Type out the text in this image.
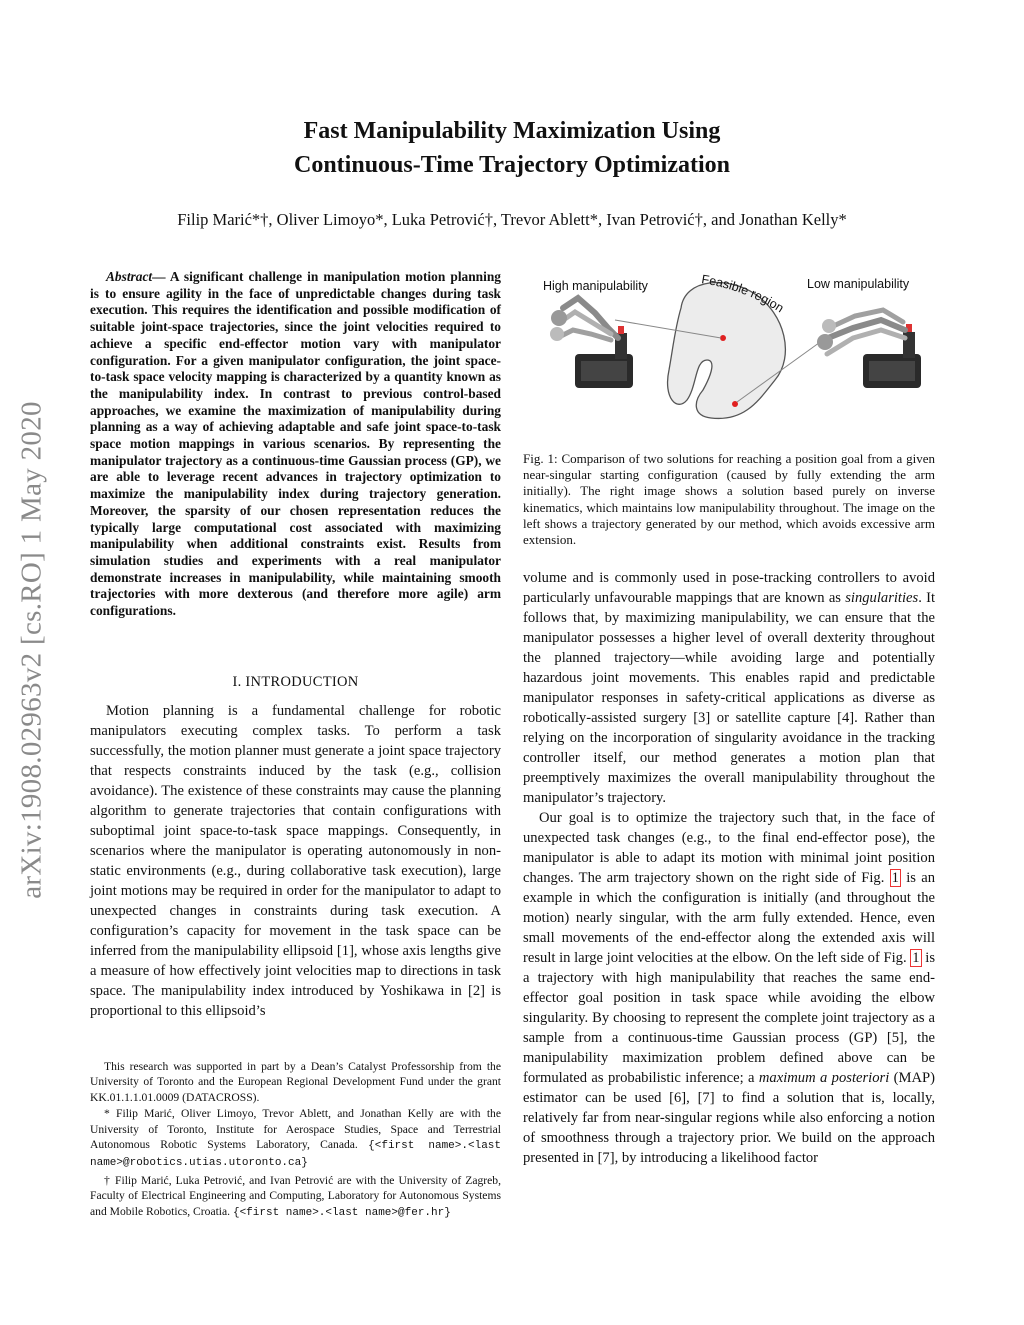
arXiv:1908.02963v2 [cs.RO] 1 May 2020
Fast Manipulability Maximization Using
Continuous-Time Trajectory Optimization
Filip Marić*†, Oliver Limoyo*, Luka Petrović†, Trevor Ablett*, Ivan Petrović†, and Jonathan Kelly*
Abstract— A significant challenge in manipulation motion planning is to ensure agility in the face of unpredictable changes during task execution. This requires the identification and possible modification of suitable joint-space trajectories, since the joint velocities required to achieve a specific end-effector motion vary with manipulator configuration. For a given manipulator configuration, the joint space-to-task space velocity mapping is characterized by a quantity known as the manipulability index. In contrast to previous control-based approaches, we examine the maximization of manipulability during planning as a way of achieving adaptable and safe joint space-to-task space motion mappings in various scenarios. By representing the manipulator trajectory as a continuous-time Gaussian process (GP), we are able to leverage recent advances in trajectory optimization to maximize the manipulability index during trajectory generation. Moreover, the sparsity of our chosen representation reduces the typically large computational cost associated with maximizing manipulability when additional constraints exist. Results from simulation studies and experiments with a real manipulator demonstrate increases in manipulability, while maintaining smooth trajectories with more dexterous (and therefore more agile) arm configurations.
I. INTRODUCTION

Motion planning is a fundamental challenge for robotic manipulators executing complex tasks. To perform a task successfully, the motion planner must generate a joint space trajectory that respects constraints induced by the task (e.g., collision avoidance). The existence of these constraints may cause the planning algorithm to generate trajectories that contain configurations with suboptimal joint space-to-task space mappings. Consequently, in scenarios where the manipulator is operating autonomously in non-static environments (e.g., during collaborative task execution), large joint motions may be required in order for the manipulator to adapt to unexpected changes in constraints during task execution. A configuration’s capacity for movement in the task space can be inferred from the manipulability ellipsoid [1], whose axis lengths give a measure of how effectively joint velocities map to directions in task space. The manipulability index introduced by Yoshikawa in [2] is proportional to this ellipsoid’s

This research was supported in part by a Dean’s Catalyst Professorship from the University of Toronto and the European Regional Development Fund under the grant KK.01.1.1.01.0009 (DATACROSS).

* Filip Marić, Oliver Limoyo, Trevor Ablett, and Jonathan Kelly are with the University of Toronto, Institute for Aerospace Studies, Space and Terrestrial Autonomous Robotic Systems Laboratory, Canada. {<first name>.<last name>@robotics.utias.utoronto.ca}

† Filip Marić, Luka Petrović, and Ivan Petrović are with the University of Zagreb, Faculty of Electrical Engineering and Computing, Laboratory for Autonomous Systems and Mobile Robotics, Croatia. {<first name>.<last name>@fer.hr}

High manipulability	Low manipulability
Feasible region
Fig. 1: Comparison of two solutions for reaching a position goal from a given near-singular starting configuration (caused by fully extending the arm initially). The right image shows a solution based purely on inverse kinematics, which maintains low manipulability throughout. The image on the left shows a trajectory generated by our method, which avoids excessive arm extension.

volume and is commonly used in pose-tracking controllers to avoid particularly unfavourable mappings that are known as singularities. It follows that, by maximizing manipulability, we can ensure that the manipulator possesses a higher level of overall dexterity throughout the planned trajectory—while avoiding large and potentially hazardous joint movements. This enables rapid and predictable manipulator responses in safety-critical applications as diverse as robotically-assisted surgery [3] or satellite capture [4]. Rather than relying on the incorporation of singularity avoidance in the tracking controller itself, our method generates a motion plan that preemptively maximizes the overall manipulability throughout the manipulator’s trajectory.

Our goal is to optimize the trajectory such that, in the face of unexpected task changes (e.g., to the final end-effector pose), the manipulator is able to adapt its motion with minimal joint position changes. The arm trajectory shown on the right side of Fig. 1 is an example in which the configuration is initially (and throughout the motion) nearly singular, with the arm fully extended. Hence, even small movements of the end-effector along the extended axis will result in large joint velocities at the elbow. On the left side of Fig. 1 is a trajectory with high manipulability that reaches the same end-effector goal position in task space while avoiding the elbow singularity. By choosing to represent the complete joint trajectory as a sample from a continuous-time Gaussian process (GP) [5], the manipulability maximization problem defined above can be formulated as probabilistic inference; a maximum a posteriori (MAP) estimator can be used [6], [7] to find a solution that is, locally, relatively far from near-singular regions while also enforcing a notion of smoothness through a trajectory prior. We build on the approach presented in [7], by introducing a likelihood factor
